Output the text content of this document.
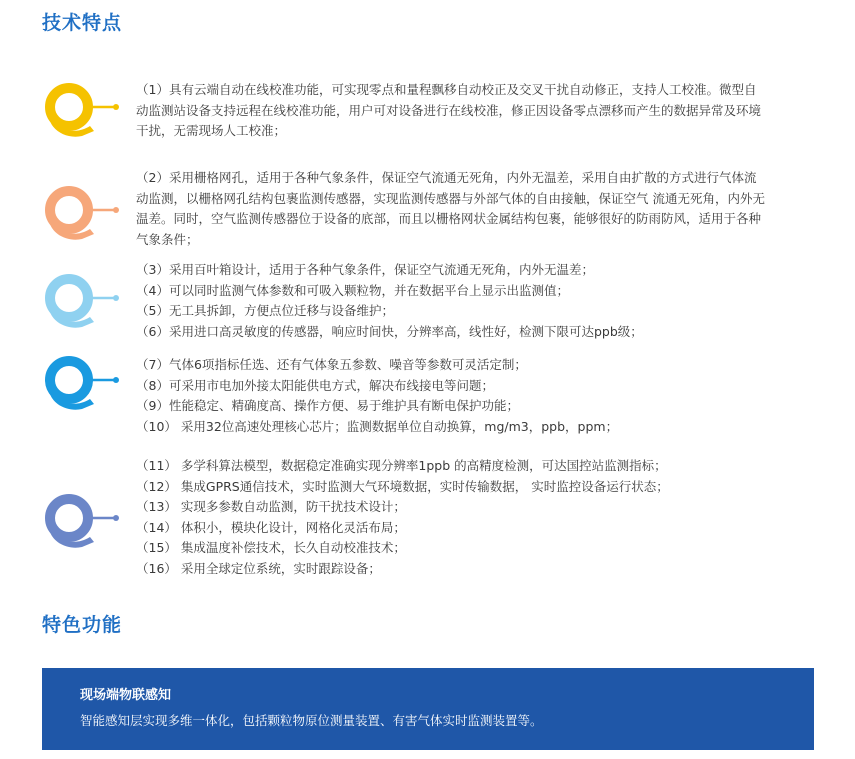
技术特点
（1）具有云端自动在线校准功能，可实现零点和量程飘移自动校正及交叉干扰自动修正，支持人工校准。微型自
动监测站设备支持远程在线校准功能，用户可对设备进行在线校准，修正因设备零点漂移而产生的数据异常及环境
干扰，无需现场人工校准；
（2）采用栅格网孔，适用于各种气象条件，保证空气流通无死角，内外无温差，采用自由扩散的方式进行气体流
动监测，以栅格网孔结构包裹监测传感器，实现监测传感器与外部气体的自由接触，保证空气 流通无死角，内外无
温差。同时，空气监测传感器位于设备的底部，而且以栅格网状金属结构包裹，能够很好的防雨防风，适用于各种
气象条件；
（3）采用百叶箱设计，适用于各种气象条件，保证空气流通无死角，内外无温差；
（4）可以同时监测气体参数和可吸入颗粒物，并在数据平台上显示出监测值；
（5）无工具拆卸，方便点位迁移与设备维护；
（6）采用进口高灵敏度的传感器，响应时间快，分辨率高，线性好，检测下限可达ppb级；
（7）气体6项指标任选、还有气体象五参数、噪音等参数可灵活定制；
（8）可采用市电加外接太阳能供电方式，解决布线接电等问题；
（9）性能稳定、精确度高、操作方便、易于维护具有断电保护功能；
（10） 采用32位高速处理核心芯片；监测数据单位自动换算，mg/m3，ppb，ppm；
（11） 多学科算法模型，数据稳定准确实现分辨率1ppb 的高精度检测，可达国控站监测指标；
（12） 集成GPRS通信技术，实时监测大气环境数据，实时传输数据， 实时监控设备运行状态；
（13） 实现多参数自动监测，防干扰技术设计；
（14） 体积小，模块化设计，网格化灵活布局；
（15） 集成温度补偿技术，长久自动校准技术；
（16） 采用全球定位系统，实时跟踪设备；
特色功能
现场端物联感知
智能感知层实现多维一体化，包括颗粒物原位测量装置、有害气体实时监测装置等。
